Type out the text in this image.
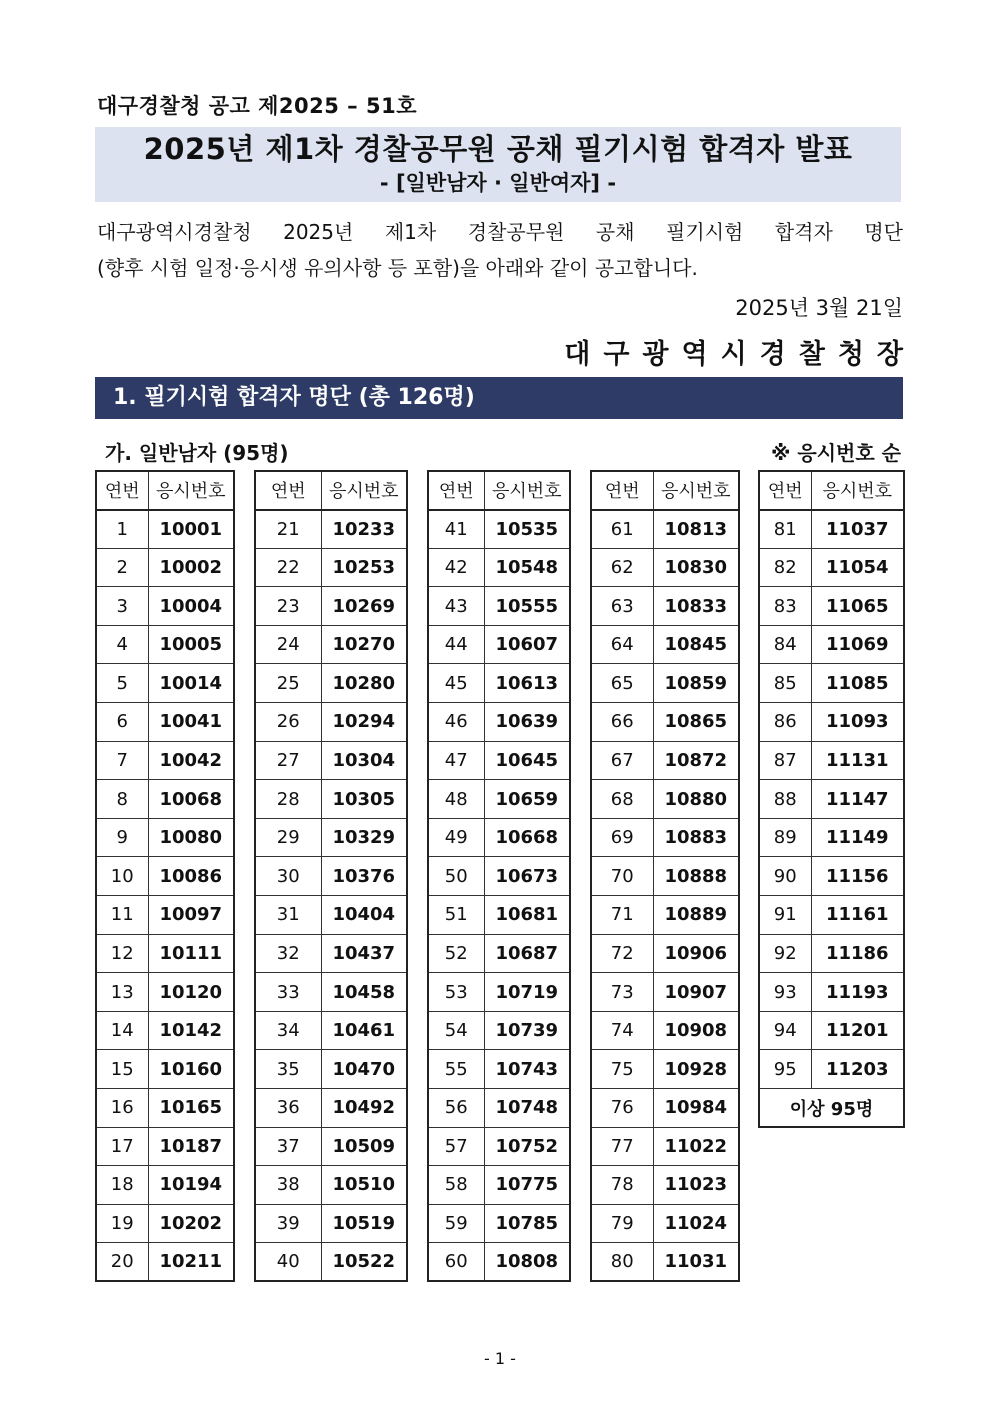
대구경찰청 공고 제2025 – 51호
2025년 제1차 경찰공무원 공채 필기시험 합격자 발표
- [일반남자 · 일반여자] -
대구광역시경찰청 2025년 제1차 경찰공무원 공채 필기시험 합격자 명단
(향후 시험 일정·응시생 유의사항 등 포함)을 아래와 같이 공고합니다.
2025년 3월 21일
대구광역시경찰청장
1. 필기시험 합격자 명단 (총 126명)
가. 일반남자 (95명)	※ 응시번호 순
연번	응시번호
1	10001
2	10002
3	10004
4	10005
5	10014
6	10041
7	10042
8	10068
9	10080
10	10086
11	10097
12	10111
13	10120
14	10142
15	10160
16	10165
17	10187
18	10194
19	10202
20	10211
연번	응시번호
21	10233
22	10253
23	10269
24	10270
25	10280
26	10294
27	10304
28	10305
29	10329
30	10376
31	10404
32	10437
33	10458
34	10461
35	10470
36	10492
37	10509
38	10510
39	10519
40	10522
연번	응시번호
41	10535
42	10548
43	10555
44	10607
45	10613
46	10639
47	10645
48	10659
49	10668
50	10673
51	10681
52	10687
53	10719
54	10739
55	10743
56	10748
57	10752
58	10775
59	10785
60	10808
연번	응시번호
61	10813
62	10830
63	10833
64	10845
65	10859
66	10865
67	10872
68	10880
69	10883
70	10888
71	10889
72	10906
73	10907
74	10908
75	10928
76	10984
77	11022
78	11023
79	11024
80	11031
연번	응시번호
81	11037
82	11054
83	11065
84	11069
85	11085
86	11093
87	11131
88	11147
89	11149
90	11156
91	11161
92	11186
93	11193
94	11201
95	11203
이상 95명	
- 1 -
